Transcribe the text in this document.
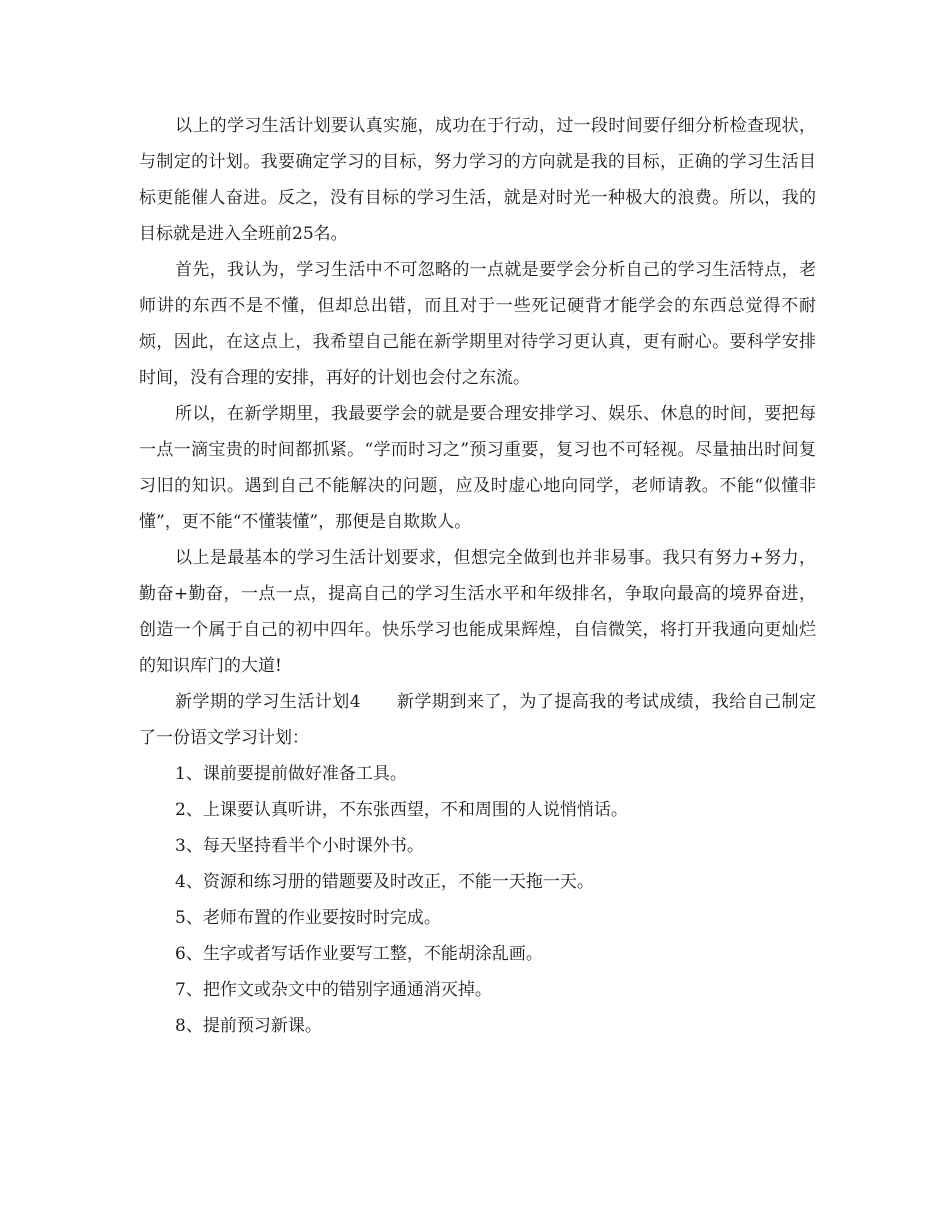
以上的学习生活计划要认真实施，成功在于行动，过一段时间要仔细分析检查现状，与制定的计划。我要确定学习的目标，努力学习的方向就是我的目标，正确的学习生活目标更能催人奋进。反之，没有目标的学习生活，就是对时光一种极大的浪费。所以，我的目标就是进入全班前25名。

首先，我认为，学习生活中不可忽略的一点就是要学会分析自己的学习生活特点，老师讲的东西不是不懂，但却总出错，而且对于一些死记硬背才能学会的东西总觉得不耐烦，因此，在这点上，我希望自己能在新学期里对待学习更认真，更有耐心。要科学安排时间，没有合理的安排，再好的计划也会付之东流。

所以，在新学期里，我最要学会的就是要合理安排学习、娱乐、休息的时间，要把每一点一滴宝贵的时间都抓紧。“学而时习之”预习重要，复习也不可轻视。尽量抽出时间复习旧的知识。遇到自己不能解决的问题，应及时虚心地向同学，老师请教。不能“似懂非懂”，更不能“不懂装懂”，那便是自欺欺人。

以上是最基本的学习生活计划要求，但想完全做到也并非易事。我只有努力+努力，勤奋+勤奋，一点一点，提高自己的学习生活水平和年级排名，争取向最高的境界奋进，创造一个属于自己的初中四年。快乐学习也能成果辉煌，自信微笑，将打开我通向更灿烂的知识库门的大道!

新学期的学习生活计划4 新学期到来了，为了提高我的考试成绩，我给自己制定了一份语文学习计划：

1、课前要提前做好准备工具。

2、上课要认真听讲，不东张西望，不和周围的人说悄悄话。

3、每天坚持看半个小时课外书。

4、资源和练习册的错题要及时改正，不能一天拖一天。

5、老师布置的作业要按时时完成。

6、生字或者写话作业要写工整，不能胡涂乱画。

7、把作文或杂文中的错别字通通消灭掉。

8、提前预习新课。
